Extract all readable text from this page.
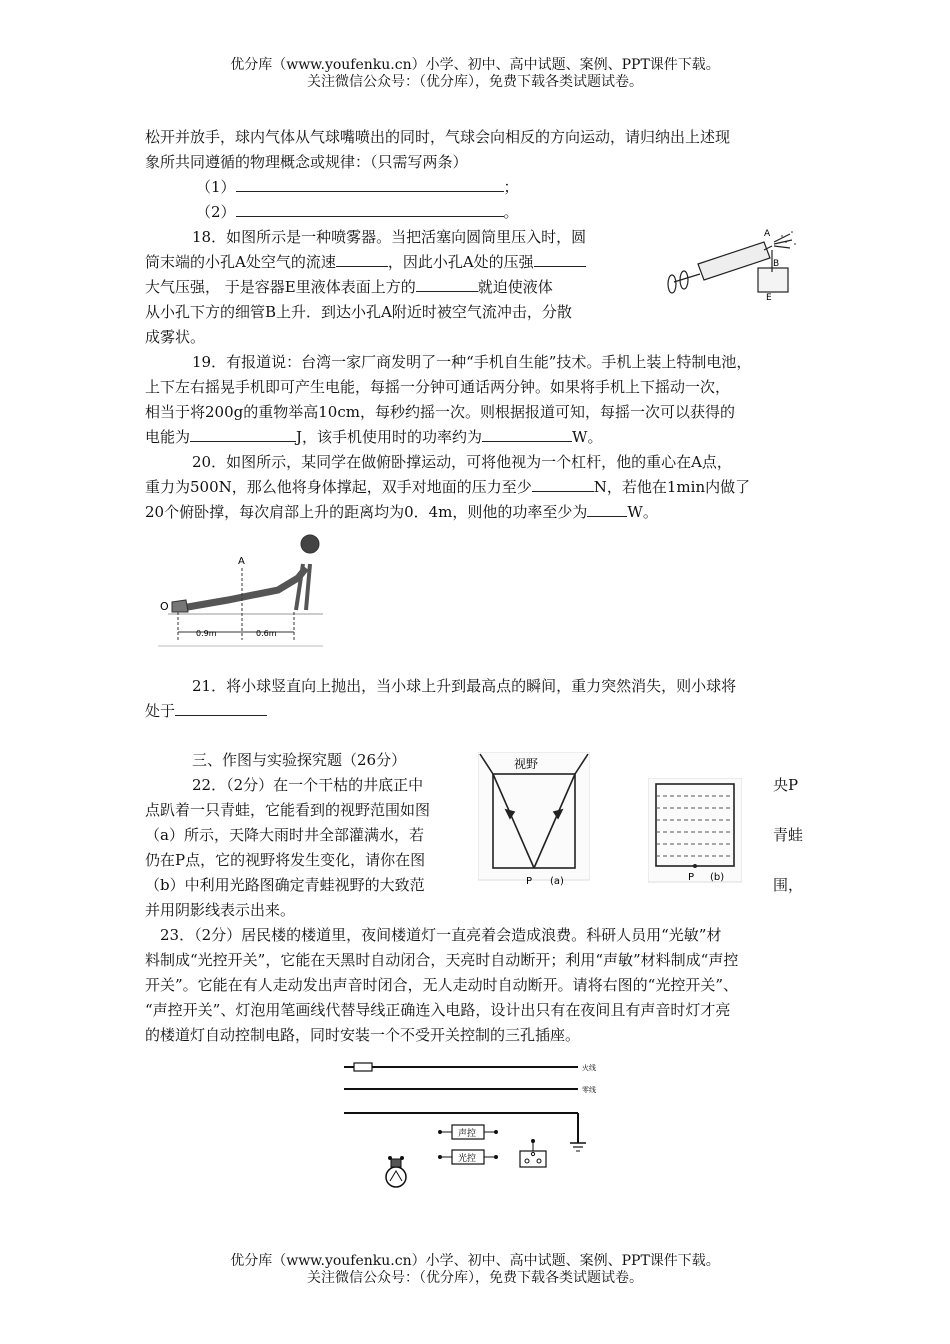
优分库（www.youfenku.cn）小学、初中、高中试题、案例、PPT课件下载。
关注微信公众号：（优分库），免费下载各类试题试卷。
松开并放手，球内气体从气球嘴喷出的同时，气球会向相反的方向运动，请归纳出上述现
象所共同遵循的物理概念或规律：（只需写两条）
（1）	；
（2）	。
18．如图所示是一种喷雾器。当把活塞向圆筒里压入时，圆
筒末端的小孔A处空气的流速	，因此小孔A处的压强
大气压强， 于是容器E里液体表面上方的	就迫使液体
从小孔下方的细管B上升．到达小孔A附近时被空气流冲击，分散
成雾状。
A
B
E
19．有报道说：台湾一家厂商发明了一种“手机自生能”技术。手机上装上特制电池，
上下左右摇晃手机即可产生电能，每摇一分钟可通话两分钟。如果将手机上下摇动一次，
相当于将200g的重物举高10cm，每秒约摇一次。则根据报道可知，每摇一次可以获得的
电能为	J，该手机使用时的功率约为	W。
20．如图所示，某同学在做俯卧撑运动，可将他视为一个杠杆，他的重心在A点，
重力为500N，那么他将身体撑起，双手对地面的压力至少	N，若他在1min内做了
20个俯卧撑，每次肩部上升的距离均为0．4m，则他的功率至少为	W。
A
O
0.9m	0.6m
21．将小球竖直向上抛出，当小球上升到最高点的瞬间，重力突然消失，则小球将
处于
三、作图与实验探究题（26分）
22．（2分）在一个干枯的井底正中
点趴着一只青蛙，它能看到的视野范围如图
（a）所示，天降大雨时井全部灌满水，若
仍在P点，它的视野将发生变化，请你在图
（b）中利用光路图确定青蛙视野的大致范
并用阴影线表示出来。
央P
青蛙
围，
视野
P (a)	P (b)
23．（2分）居民楼的楼道里，夜间楼道灯一直亮着会造成浪费。科研人员用“光敏”材
料制成“光控开关”，它能在天黑时自动闭合，天亮时自动断开；利用“声敏”材料制成“声控
开关”。它能在有人走动发出声音时闭合，无人走动时自动断开。请将右图的“光控开关”、
“声控开关”、灯泡用笔画线代替导线正确连入电路，设计出只有在夜间且有声音时灯才亮
的楼道灯自动控制电路，同时安装一个不受开关控制的三孔插座。
火线
零线
声控
光控
优分库（www.youfenku.cn）小学、初中、高中试题、案例、PPT课件下载。
关注微信公众号：（优分库），免费下载各类试题试卷。
